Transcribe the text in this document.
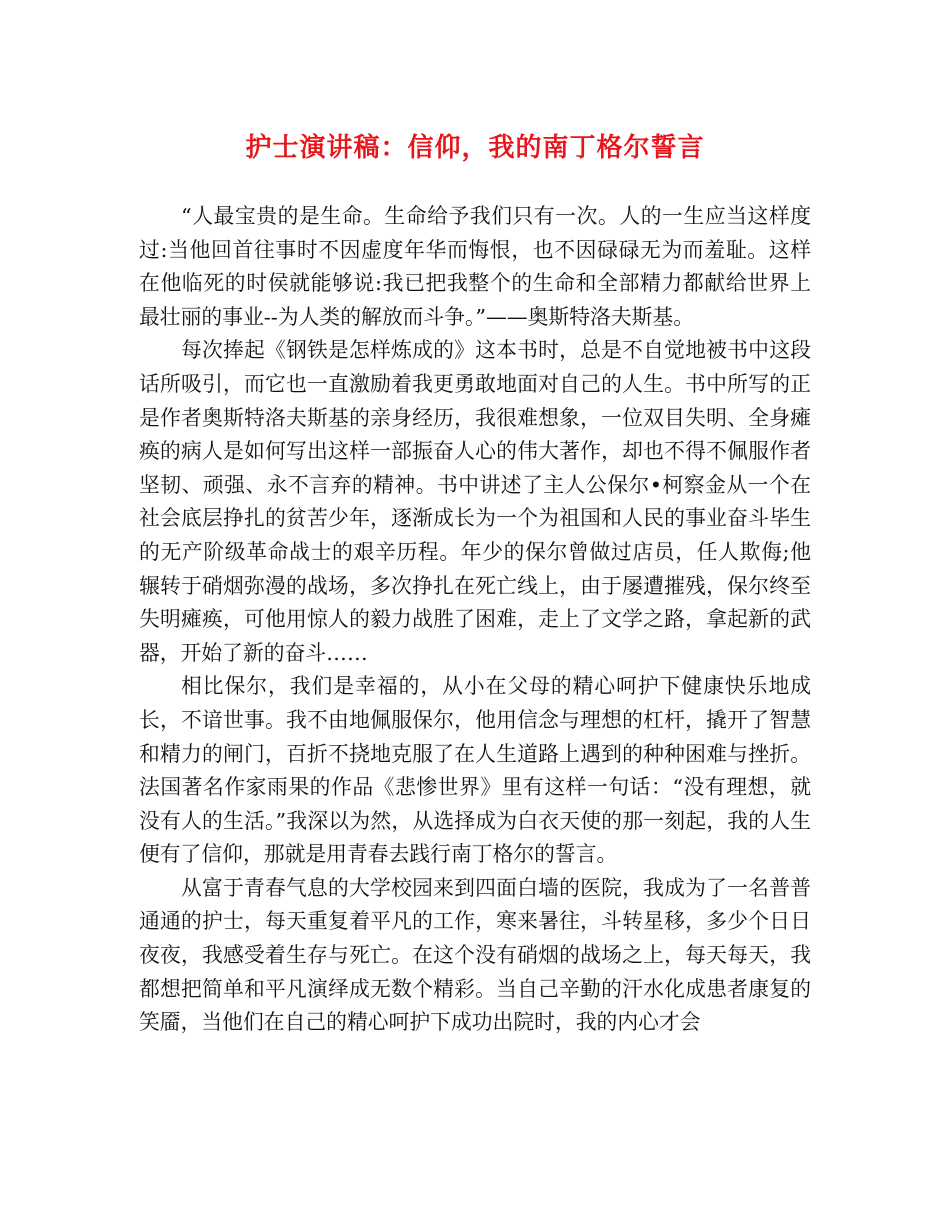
护士演讲稿：信仰，我的南丁格尔誓言

“人最宝贵的是生命。生命给予我们只有一次。人的一生应当这样度过:当他回首往事时不因虚度年华而悔恨，也不因碌碌无为而羞耻。这样在他临死的时侯就能够说:我已把我整个的生命和全部精力都献给世界上最壮丽的事业--为人类的解放而斗争。”——奥斯特洛夫斯基。

每次捧起《钢铁是怎样炼成的》这本书时，总是不自觉地被书中这段话所吸引，而它也一直激励着我更勇敢地面对自己的人生。书中所写的正是作者奥斯特洛夫斯基的亲身经历，我很难想象，一位双目失明、全身瘫痪的病人是如何写出这样一部振奋人心的伟大著作，却也不得不佩服作者坚韧、顽强、永不言弃的精神。书中讲述了主人公保尔•柯察金从一个在社会底层挣扎的贫苦少年，逐渐成长为一个为祖国和人民的事业奋斗毕生的无产阶级革命战士的艰辛历程。年少的保尔曾做过店员，任人欺侮;他辗转于硝烟弥漫的战场，多次挣扎在死亡线上，由于屡遭摧残，保尔终至失明瘫痪，可他用惊人的毅力战胜了困难，走上了文学之路，拿起新的武器，开始了新的奋斗……

相比保尔，我们是幸福的，从小在父母的精心呵护下健康快乐地成长，不谙世事。我不由地佩服保尔，他用信念与理想的杠杆，撬开了智慧和精力的闸门，百折不挠地克服了在人生道路上遇到的种种困难与挫折。法国著名作家雨果的作品《悲惨世界》里有这样一句话：“没有理想，就没有人的生活。”我深以为然，从选择成为白衣天使的那一刻起，我的人生便有了信仰，那就是用青春去践行南丁格尔的誓言。

从富于青春气息的大学校园来到四面白墙的医院，我成为了一名普普通通的护士，每天重复着平凡的工作，寒来暑往，斗转星移，多少个日日夜夜，我感受着生存与死亡。在这个没有硝烟的战场之上，每天每天，我都想把简单和平凡演绎成无数个精彩。当自己辛勤的汗水化成患者康复的笑靥，当他们在自己的精心呵护下成功出院时，我的内心才会
